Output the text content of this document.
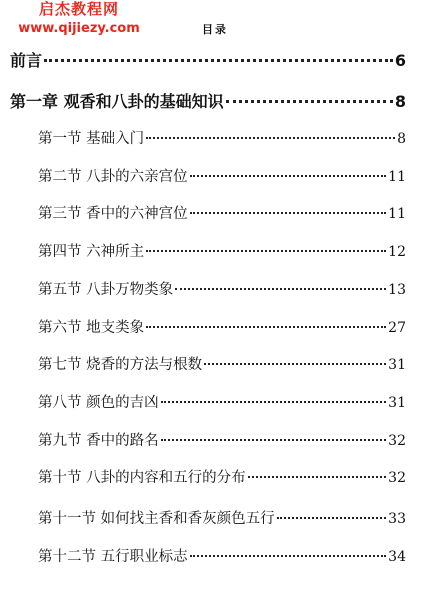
启杰教程网
www.qijiezy.com	目录
前言	6
第一章 观香和八卦的基础知识	8
第一节 基础入门	8
第二节 八卦的六亲宫位	11
第三节 香中的六神宫位	11
第四节 六神所主	12
第五节 八卦万物类象	13
第六节 地支类象	27
第七节 烧香的方法与根数	31
第八节 颜色的吉凶	31
第九节 香中的路名	32
第十节 八卦的内容和五行的分布	32
第十一节 如何找主香和香灰颜色五行	33
第十二节 五行职业标志	34
